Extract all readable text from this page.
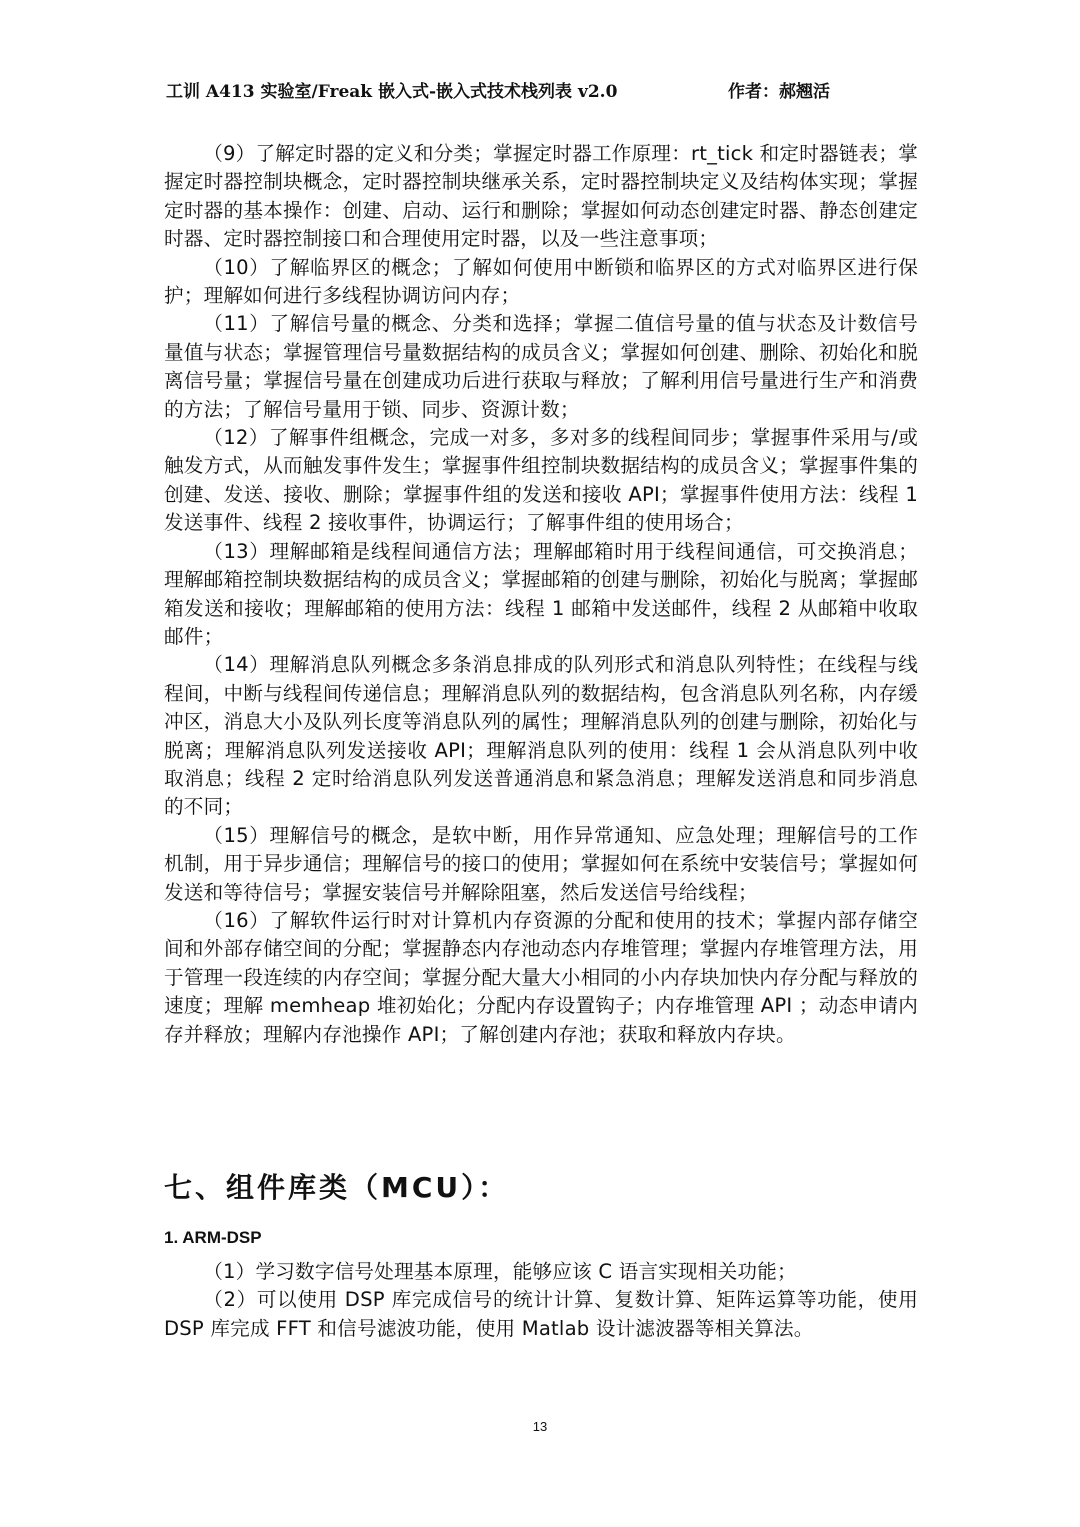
工训 A413 实验室/Freak 嵌入式-嵌入式技术栈列表 v2.0	作者：郝翘活

（9）了解定时器的定义和分类；掌握定时器工作原理：rt_tick 和定时器链表；掌握定时器控制块概念，定时器控制块继承关系，定时器控制块定义及结构体实现；掌握定时器的基本操作：创建、启动、运行和删除；掌握如何动态创建定时器、静态创建定时器、定时器控制接口和合理使用定时器，以及一些注意事项；

（10）了解临界区的概念；了解如何使用中断锁和临界区的方式对临界区进行保护；理解如何进行多线程协调访问内存；

（11）了解信号量的概念、分类和选择；掌握二值信号量的值与状态及计数信号量值与状态；掌握管理信号量数据结构的成员含义；掌握如何创建、删除、初始化和脱离信号量；掌握信号量在创建成功后进行获取与释放；了解利用信号量进行生产和消费的方法；了解信号量用于锁、同步、资源计数；

（12）了解事件组概念，完成一对多，多对多的线程间同步；掌握事件采用与/或触发方式，从而触发事件发生；掌握事件组控制块数据结构的成员含义；掌握事件集的创建、发送、接收、删除；掌握事件组的发送和接收 API；掌握事件使用方法：线程 1 发送事件、线程 2 接收事件，协调运行；了解事件组的使用场合；

（13）理解邮箱是线程间通信方法；理解邮箱时用于线程间通信，可交换消息；理解邮箱控制块数据结构的成员含义；掌握邮箱的创建与删除，初始化与脱离；掌握邮箱发送和接收；理解邮箱的使用方法：线程 1 邮箱中发送邮件，线程 2 从邮箱中收取邮件；

（14）理解消息队列概念多条消息排成的队列形式和消息队列特性；在线程与线程间，中断与线程间传递信息；理解消息队列的数据结构，包含消息队列名称，内存缓冲区，消息大小及队列长度等消息队列的属性；理解消息队列的创建与删除，初始化与脱离；理解消息队列发送接收 API；理解消息队列的使用：线程 1 会从消息队列中收取消息；线程 2 定时给消息队列发送普通消息和紧急消息；理解发送消息和同步消息的不同；

（15）理解信号的概念，是软中断，用作异常通知、应急处理；理解信号的工作机制，用于异步通信；理解信号的接口的使用；掌握如何在系统中安装信号；掌握如何发送和等待信号；掌握安装信号并解除阻塞，然后发送信号给线程；

（16）了解软件运行时对计算机内存资源的分配和使用的技术；掌握内部存储空间和外部存储空间的分配；掌握静态内存池动态内存堆管理；掌握内存堆管理方法，用于管理一段连续的内存空间；掌握分配大量大小相同的小内存块加快内存分配与释放的速度；理解 memheap 堆初始化；分配内存设置钩子；内存堆管理 API ；动态申请内存并释放；理解内存池操作 API；了解创建内存池；获取和释放内存块。

七、组件库类（MCU）：
1. ARM-DSP

（1）学习数字信号处理基本原理，能够应该 C 语言实现相关功能；

（2）可以使用 DSP 库完成信号的统计计算、复数计算、矩阵运算等功能，使用 DSP 库完成 FFT 和信号滤波功能，使用 Matlab 设计滤波器等相关算法。

13
